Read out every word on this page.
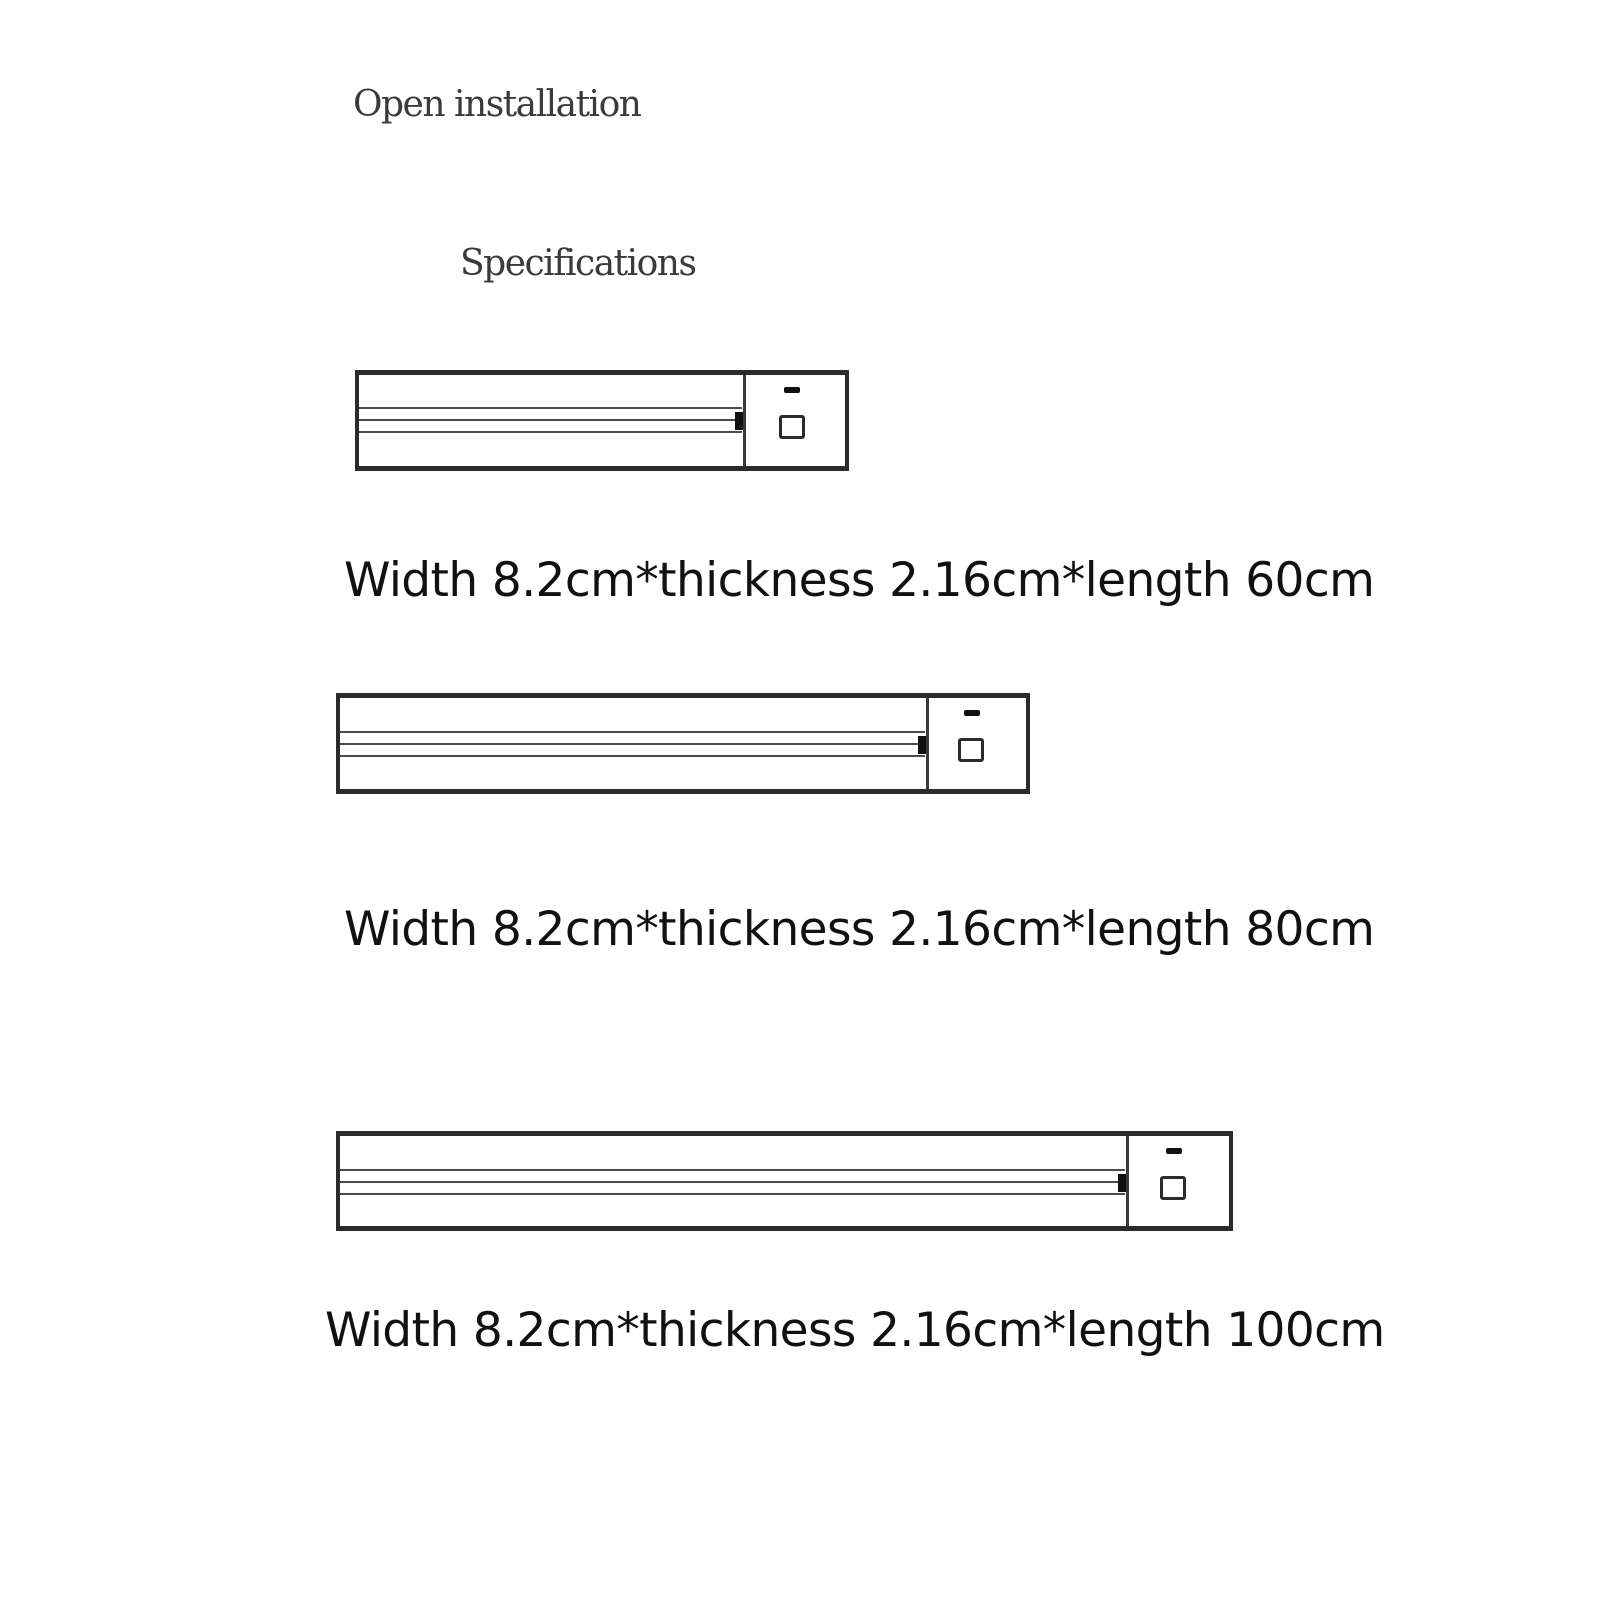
Open installation
Specifications
Width 8.2cm*thickness 2.16cm*length 60cm
Width 8.2cm*thickness 2.16cm*length 80cm
Width 8.2cm*thickness 2.16cm*length 100cm
